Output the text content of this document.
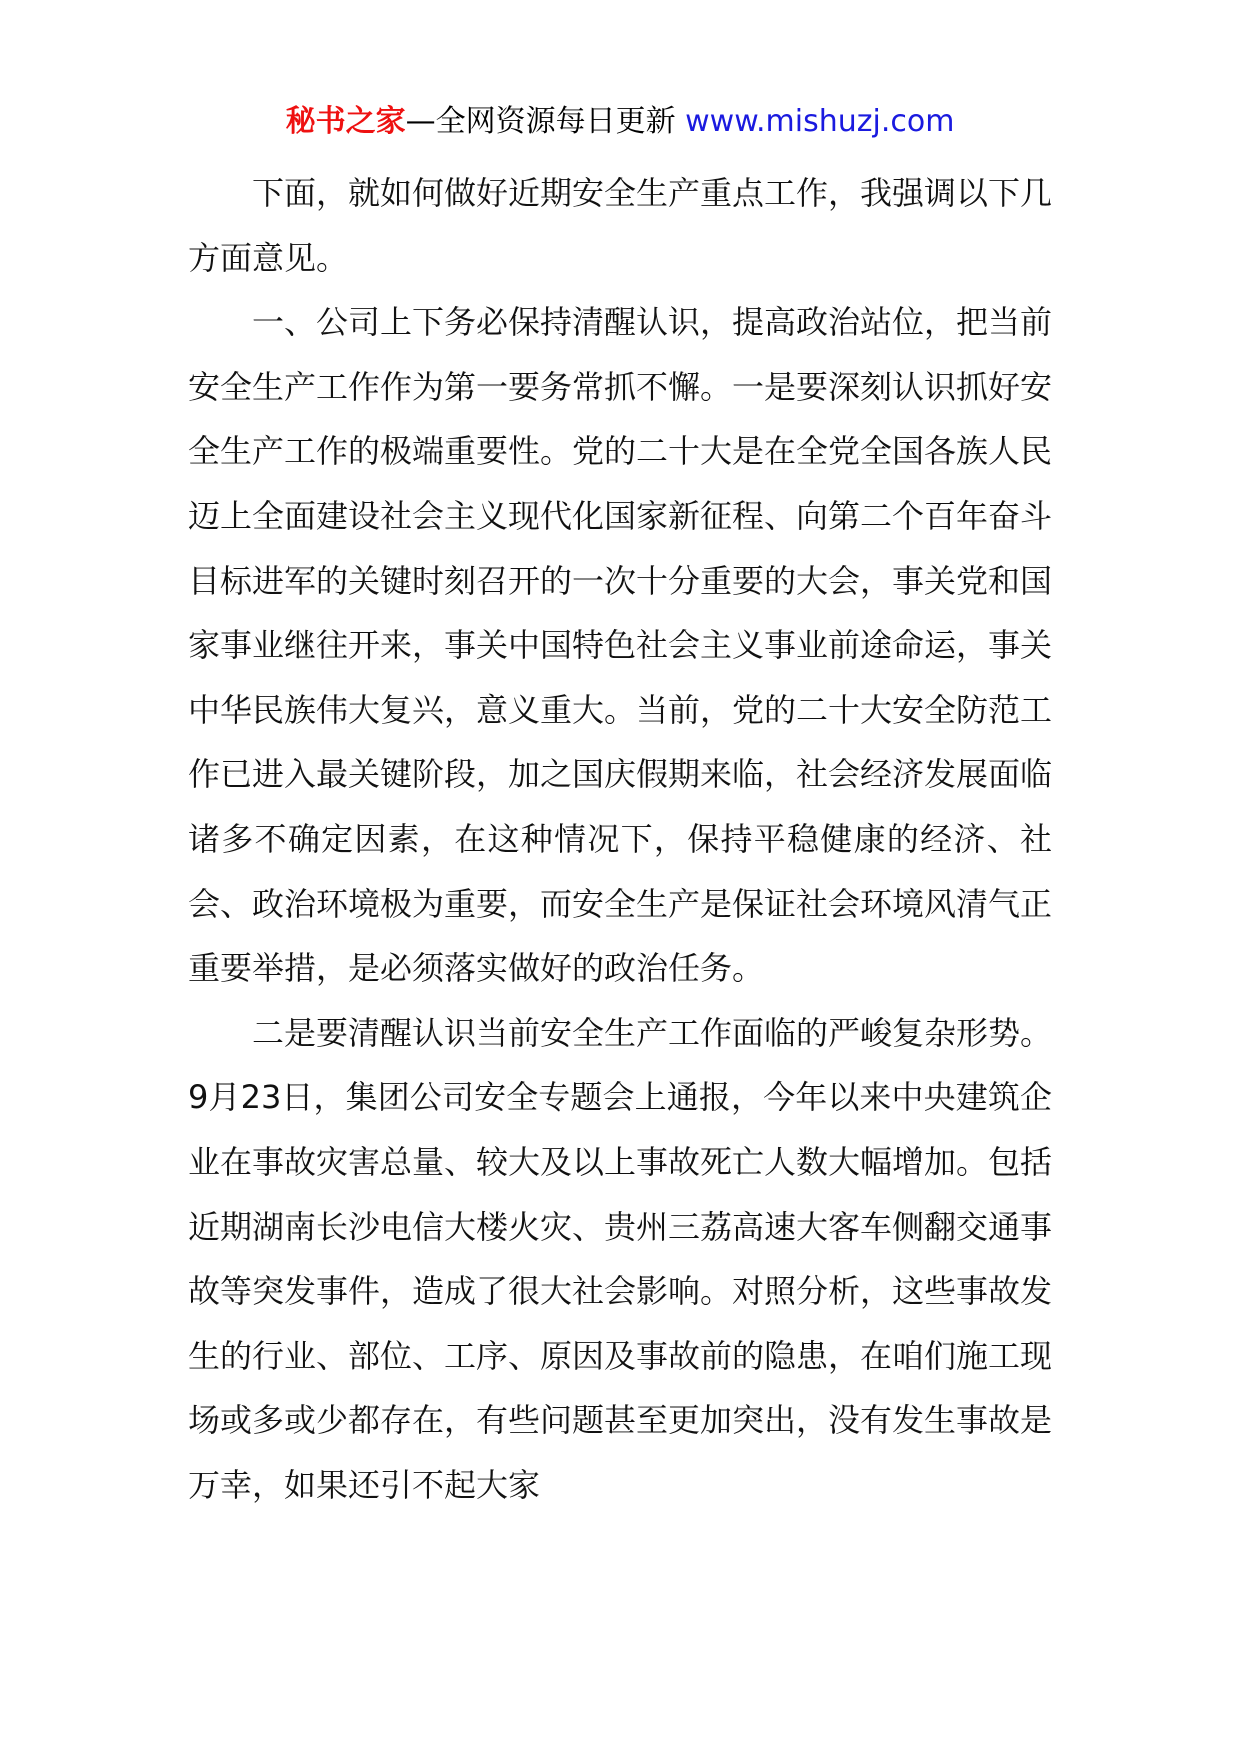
秘书之家—全网资源每日更新 www.mishuzj.com

下面，就如何做好近期安全生产重点工作，我强调以下几方面意见。

一、公司上下务必保持清醒认识，提高政治站位，把当前安全生产工作作为第一要务常抓不懈。一是要深刻认识抓好安全生产工作的极端重要性。党的二十大是在全党全国各族人民迈上全面建设社会主义现代化国家新征程、向第二个百年奋斗目标进军的关键时刻召开的一次十分重要的大会，事关党和国家事业继往开来，事关中国特色社会主义事业前途命运，事关中华民族伟大复兴，意义重大。当前，党的二十大安全防范工作已进入最关键阶段，加之国庆假期来临，社会经济发展面临诸多不确定因素，在这种情况下，保持平稳健康的经济、社会、政治环境极为重要，而安全生产是保证社会环境风清气正重要举措，是必须落实做好的政治任务。

二是要清醒认识当前安全生产工作面临的严峻复杂形势。9月23日，集团公司安全专题会上通报，今年以来中央建筑企业在事故灾害总量、较大及以上事故死亡人数大幅增加。包括近期湖南长沙电信大楼火灾、贵州三荔高速大客车侧翻交通事故等突发事件，造成了很大社会影响。对照分析，这些事故发生的行业、部位、工序、原因及事故前的隐患，在咱们施工现场或多或少都存在，有些问题甚至更加突出，没有发生事故是万幸，如果还引不起大家
